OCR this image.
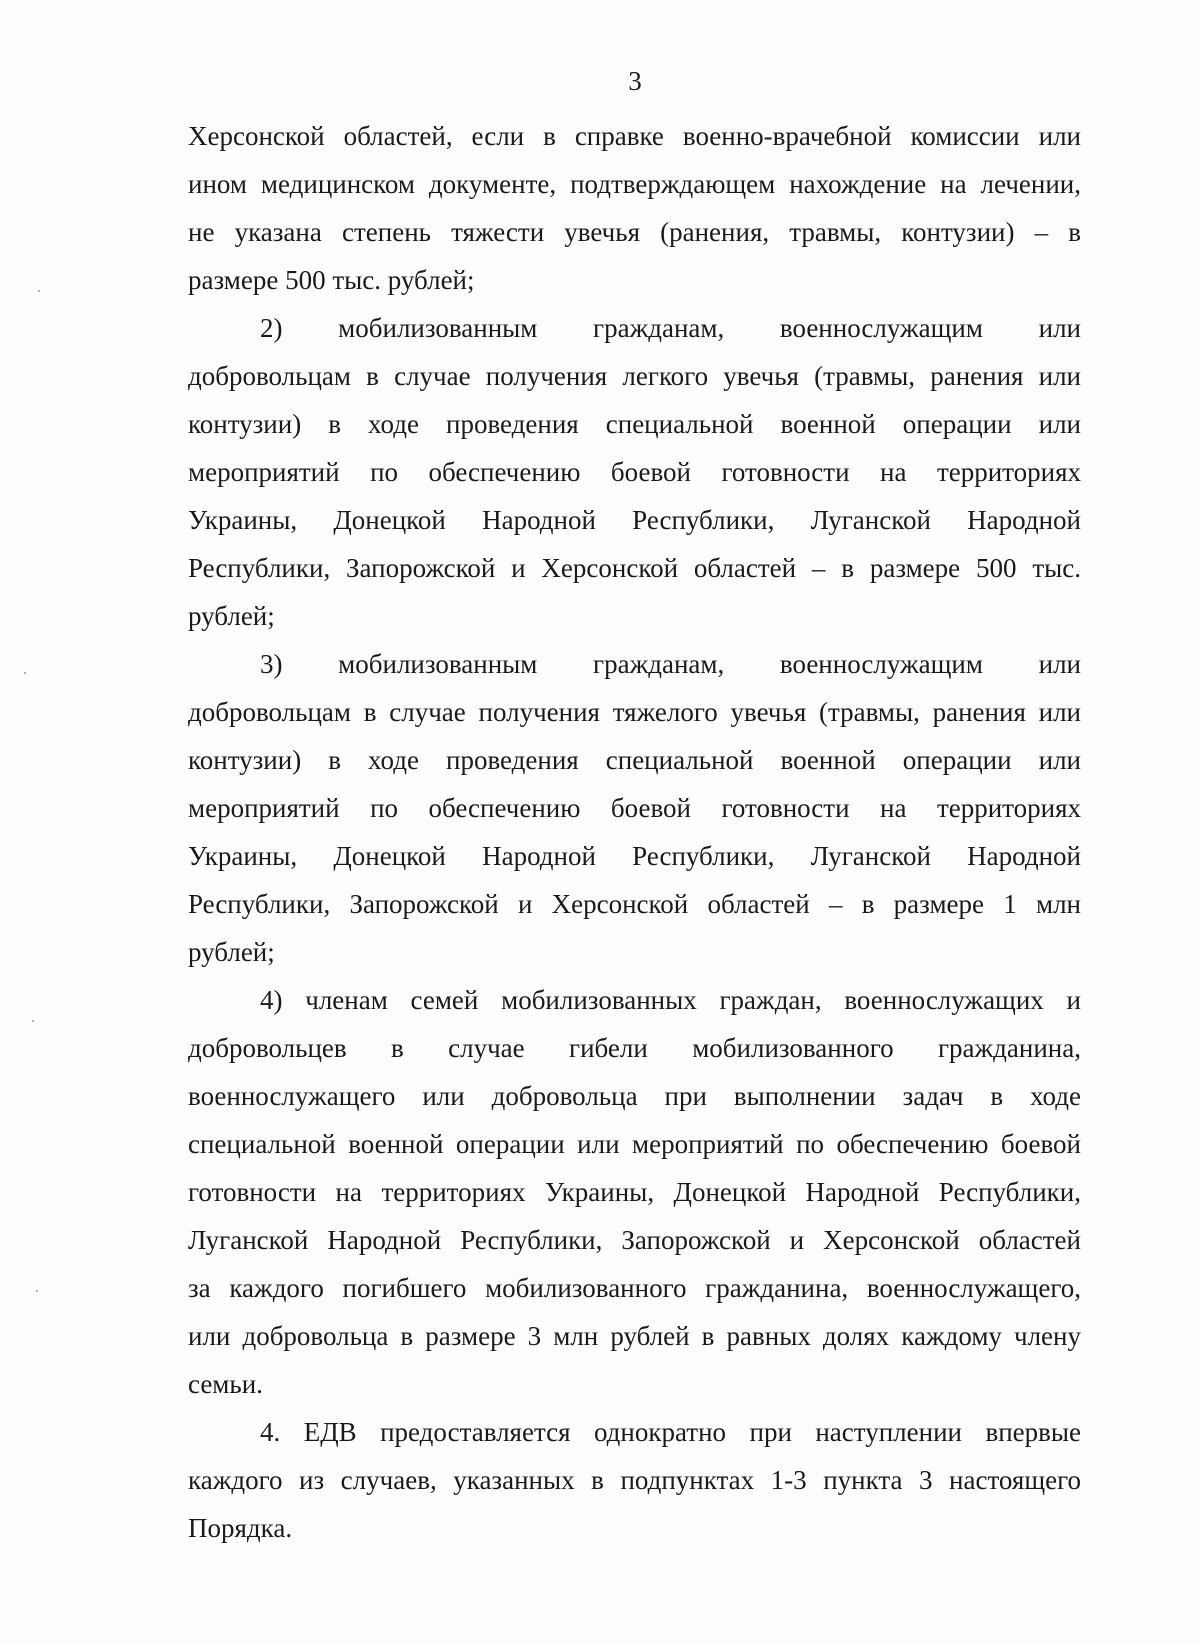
3
Херсонской областей, если в справке военно-врачебной комиссии или
ином медицинском документе, подтверждающем нахождение на лечении,
не указана степень тяжести увечья (ранения, травмы, контузии) – в
размере 500 тыс. рублей;
2)      мобилизованным      гражданам,      военнослужащим      или
добровольцам в случае получения легкого увечья (травмы, ранения или
контузии) в ходе проведения специальной военной операции или
мероприятий по обеспечению боевой готовности на территориях
Украины, Донецкой Народной Республики, Луганской Народной
Республики, Запорожской и Херсонской областей – в размере 500 тыс.
рублей;
3)      мобилизованным      гражданам,      военнослужащим      или
добровольцам в случае получения тяжелого увечья (травмы, ранения или
контузии) в ходе проведения специальной военной операции или
мероприятий по обеспечению боевой готовности на территориях
Украины, Донецкой Народной Республики, Луганской Народной
Республики, Запорожской и Херсонской областей – в размере 1 млн
рублей;
4) членам семей мобилизованных граждан, военнослужащих и
добровольцев в случае гибели мобилизованного гражданина,
военнослужащего или добровольца при выполнении задач в ходе
специальной военной операции или мероприятий по обеспечению боевой
готовности на территориях Украины, Донецкой Народной Республики,
Луганской Народной Республики, Запорожской и Херсонской областей
за каждого погибшего мобилизованного гражданина, военнослужащего,
или добровольца в размере 3 млн рублей в равных долях каждому члену
семьи.
4. ЕДВ предоставляется однократно при наступлении впервые
каждого из случаев, указанных в подпунктах 1-3 пункта 3 настоящего
Порядка.
